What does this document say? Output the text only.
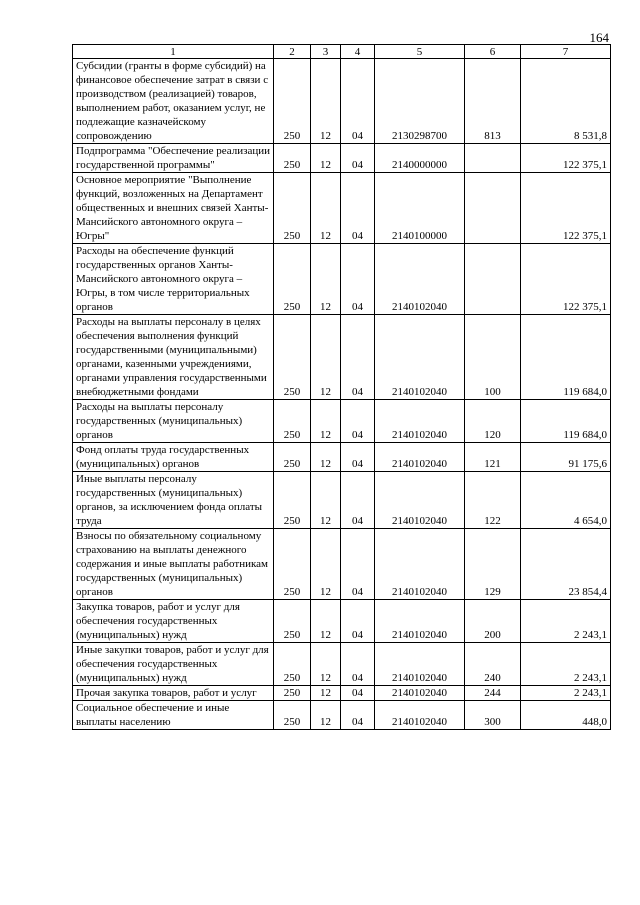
164
1	2	3	4	5	6	7
Субсидии (гранты в форме субсидий) на финансовое обеспечение затрат в связи с производством (реализацией) товаров, выполнением работ, оказанием услуг, не подлежащие казначейскому сопровождению	250	12	04	2130298700	813	8 531,8
Подпрограмма "Обеспечение реализации государственной программы"	250	12	04	2140000000		122 375,1
Основное мероприятие "Выполнение функций, возложенных на Департамент общественных и внешних связей Ханты-Мансийского автономного округа – Югры"	250	12	04	2140100000		122 375,1
Расходы на обеспечение функций государственных органов Ханты-Мансийского автономного округа – Югры, в том числе территориальных органов	250	12	04	2140102040		122 375,1
Расходы на выплаты персоналу в целях обеспечения выполнения функций государственными (муниципальными) органами, казенными учреждениями, органами управления государственными внебюджетными фондами	250	12	04	2140102040	100	119 684,0
Расходы на выплаты персоналу государственных (муниципальных) органов	250	12	04	2140102040	120	119 684,0
Фонд оплаты труда государственных (муниципальных) органов	250	12	04	2140102040	121	91 175,6
Иные выплаты персоналу государственных (муниципальных) органов, за исключением фонда оплаты труда	250	12	04	2140102040	122	4 654,0
Взносы по обязательному социальному страхованию на выплаты денежного содержания и иные выплаты работникам государственных (муниципальных) органов	250	12	04	2140102040	129	23 854,4
Закупка товаров, работ и услуг для обеспечения государственных (муниципальных) нужд	250	12	04	2140102040	200	2 243,1
Иные закупки товаров, работ и услуг для обеспечения государственных (муниципальных) нужд	250	12	04	2140102040	240	2 243,1
Прочая закупка товаров, работ и услуг	250	12	04	2140102040	244	2 243,1
Социальное обеспечение и иные выплаты населению	250	12	04	2140102040	300	448,0
